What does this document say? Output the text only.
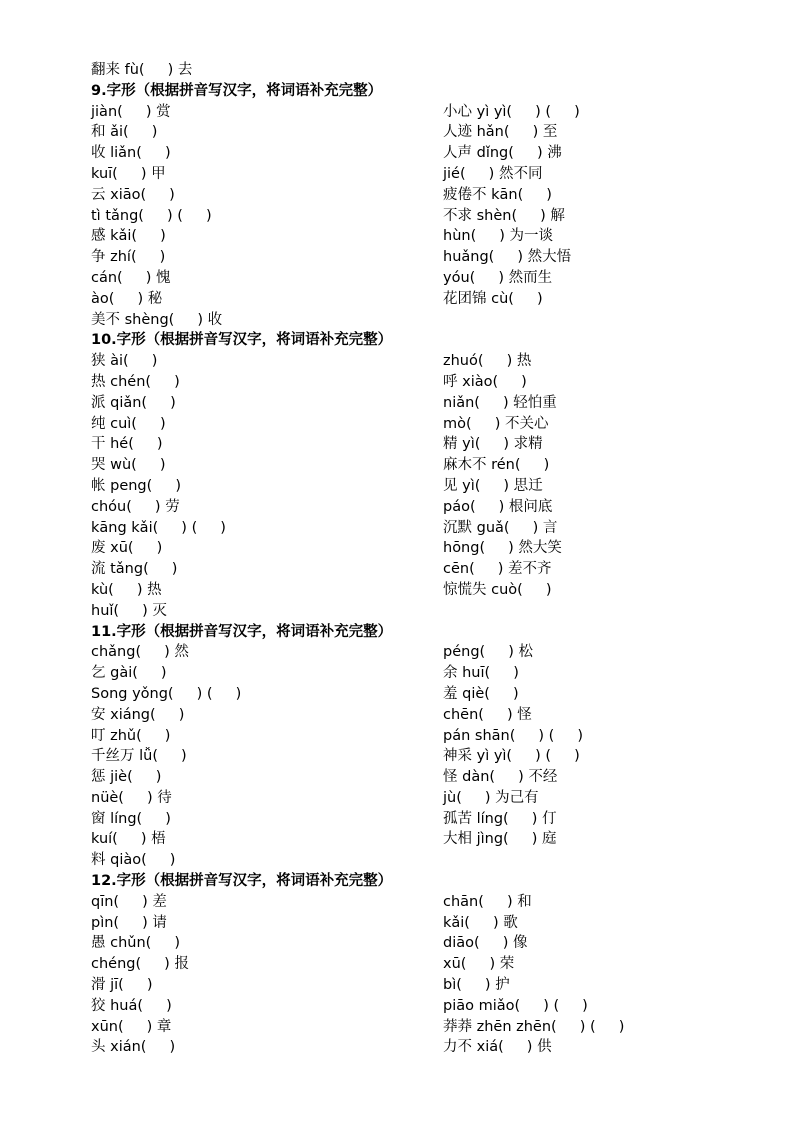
翻来 fù(     ) 去
9.字形（根据拼音写汉字，将词语补充完整）
jiàn(     ) 赏	小心 yì yì(     ) (     )
和 ǎi(     )	人迹 hǎn(     ) 至
收 liǎn(     )	人声 dǐng(     ) 沸
kuī(     ) 甲	jié(     ) 然不同
云 xiāo(     )	疲倦不 kān(     )
tì tǎng(     ) (     )	不求 shèn(     ) 解
感 kǎi(     )	hùn(     ) 为一谈
争 zhí(     )	huǎng(     ) 然大悟
cán(     ) 愧	yóu(     ) 然而生
ào(     ) 秘	花团锦 cù(     )
美不 shèng(     ) 收
10.字形（根据拼音写汉字，将词语补充完整）
狭 ài(     )	zhuó(     ) 热
热 chén(     )	呼 xiào(     )
派 qiǎn(     )	niǎn(     ) 轻怕重
纯 cuì(     )	mò(     ) 不关心
干 hé(     )	精 yì(     ) 求精
哭 wù(     )	麻木不 rén(     )
帐 peng(     )	见 yì(     ) 思迁
chóu(     ) 劳	páo(     ) 根问底
kāng kǎi(     ) (     )	沉默 guǎ(     ) 言
废 xū(     )	hōng(     ) 然大笑
流 tǎng(     )	cēn(     ) 差不齐
kù(     ) 热	惊慌失 cuò(     )
huǐ(     ) 灭
11.字形（根据拼音写汉字，将词语补充完整）
chǎng(     ) 然	péng(     ) 松
乞 gài(     )	余 huī(     )
Song yǒng(     ) (     )	羞 qiè(     )
安 xiáng(     )	chēn(     ) 怪
叮 zhǔ(     )	pán shān(     ) (     )
千丝万 lǚ(     )	神采 yì yì(     ) (     )
惩 jiè(     )	怪 dàn(     ) 不经
nüè(     ) 待	jù(     ) 为己有
窗 líng(     )	孤苦 líng(     ) 仃
kuí(     ) 梧	大相 jìng(     ) 庭
料 qiào(     )
12.字形（根据拼音写汉字，将词语补充完整）
qīn(     ) 差	chān(     ) 和
pìn(     ) 请	kǎi(     ) 歌
愚 chǔn(     )	diāo(     ) 像
chéng(     ) 报	xū(     ) 荣
滑 jī(     )	bì(     ) 护
狡 huá(     )	piāo miǎo(     ) (     )
xūn(     ) 章	莽莽 zhēn zhēn(     ) (     )
头 xián(     )	力不 xiá(     ) 供
